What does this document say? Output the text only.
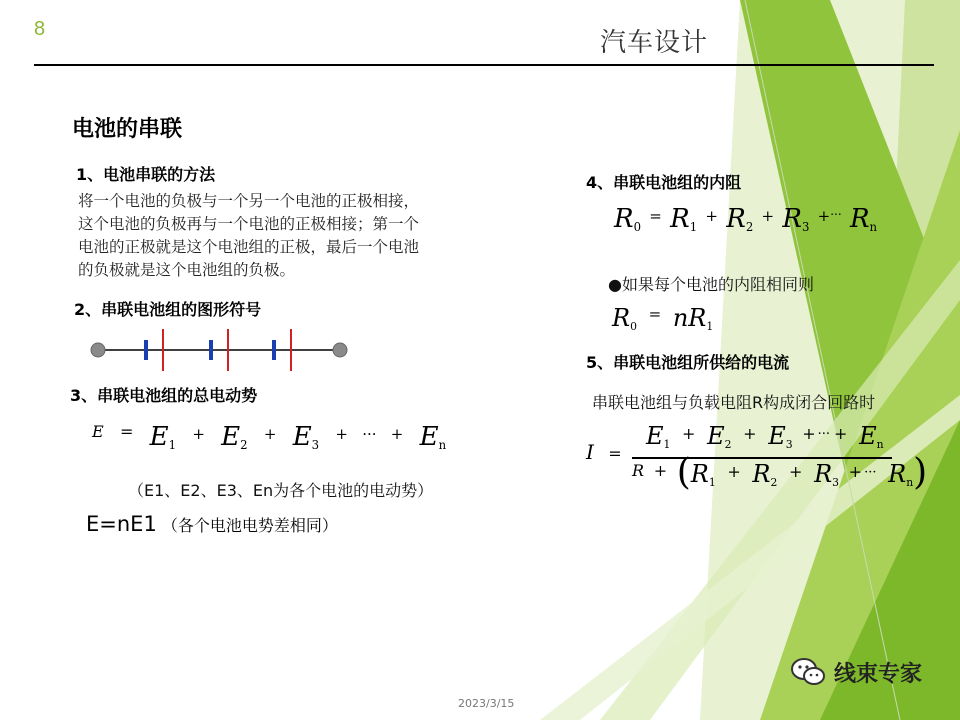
8	汽车设计
电池的串联
1、电池串联的方法
将一个电池的负极与一个另一个电池的正极相接，
这个电池的负极再与一个电池的正极相接；第一个
电池的正极就是这个电池组的正极，最后一个电池
的负极就是这个电池组的负极。
2、串联电池组的图形符号
3、串联电池组的总电动势
$^E$ = $E_1$ + $E_2$ + $E_3$ + ··· + $E_n$
（E1、E2、E3、En为各个电池的电动势）
E=nE1 （各个电池电势差相同）
4、串联电池组的内阻
$R_0$ = $R_1$ + $R_2$ + $R_3$ +··· $R_n$
●如果每个电池的内阻相同则
$R_0$ = $nR_1$
5、串联电池组所供给的电流
串联电池组与负载电阻R构成闭合回路时
I =
$E_1 + E_2 + E_3 + ^{\cdot\cdot\cdot} + E_n$
$^R$ + ($R_1 + R_2 + R_3 + ^{\cdot\cdot\cdot}$ $R_n$)
2023/3/15
线束专家
